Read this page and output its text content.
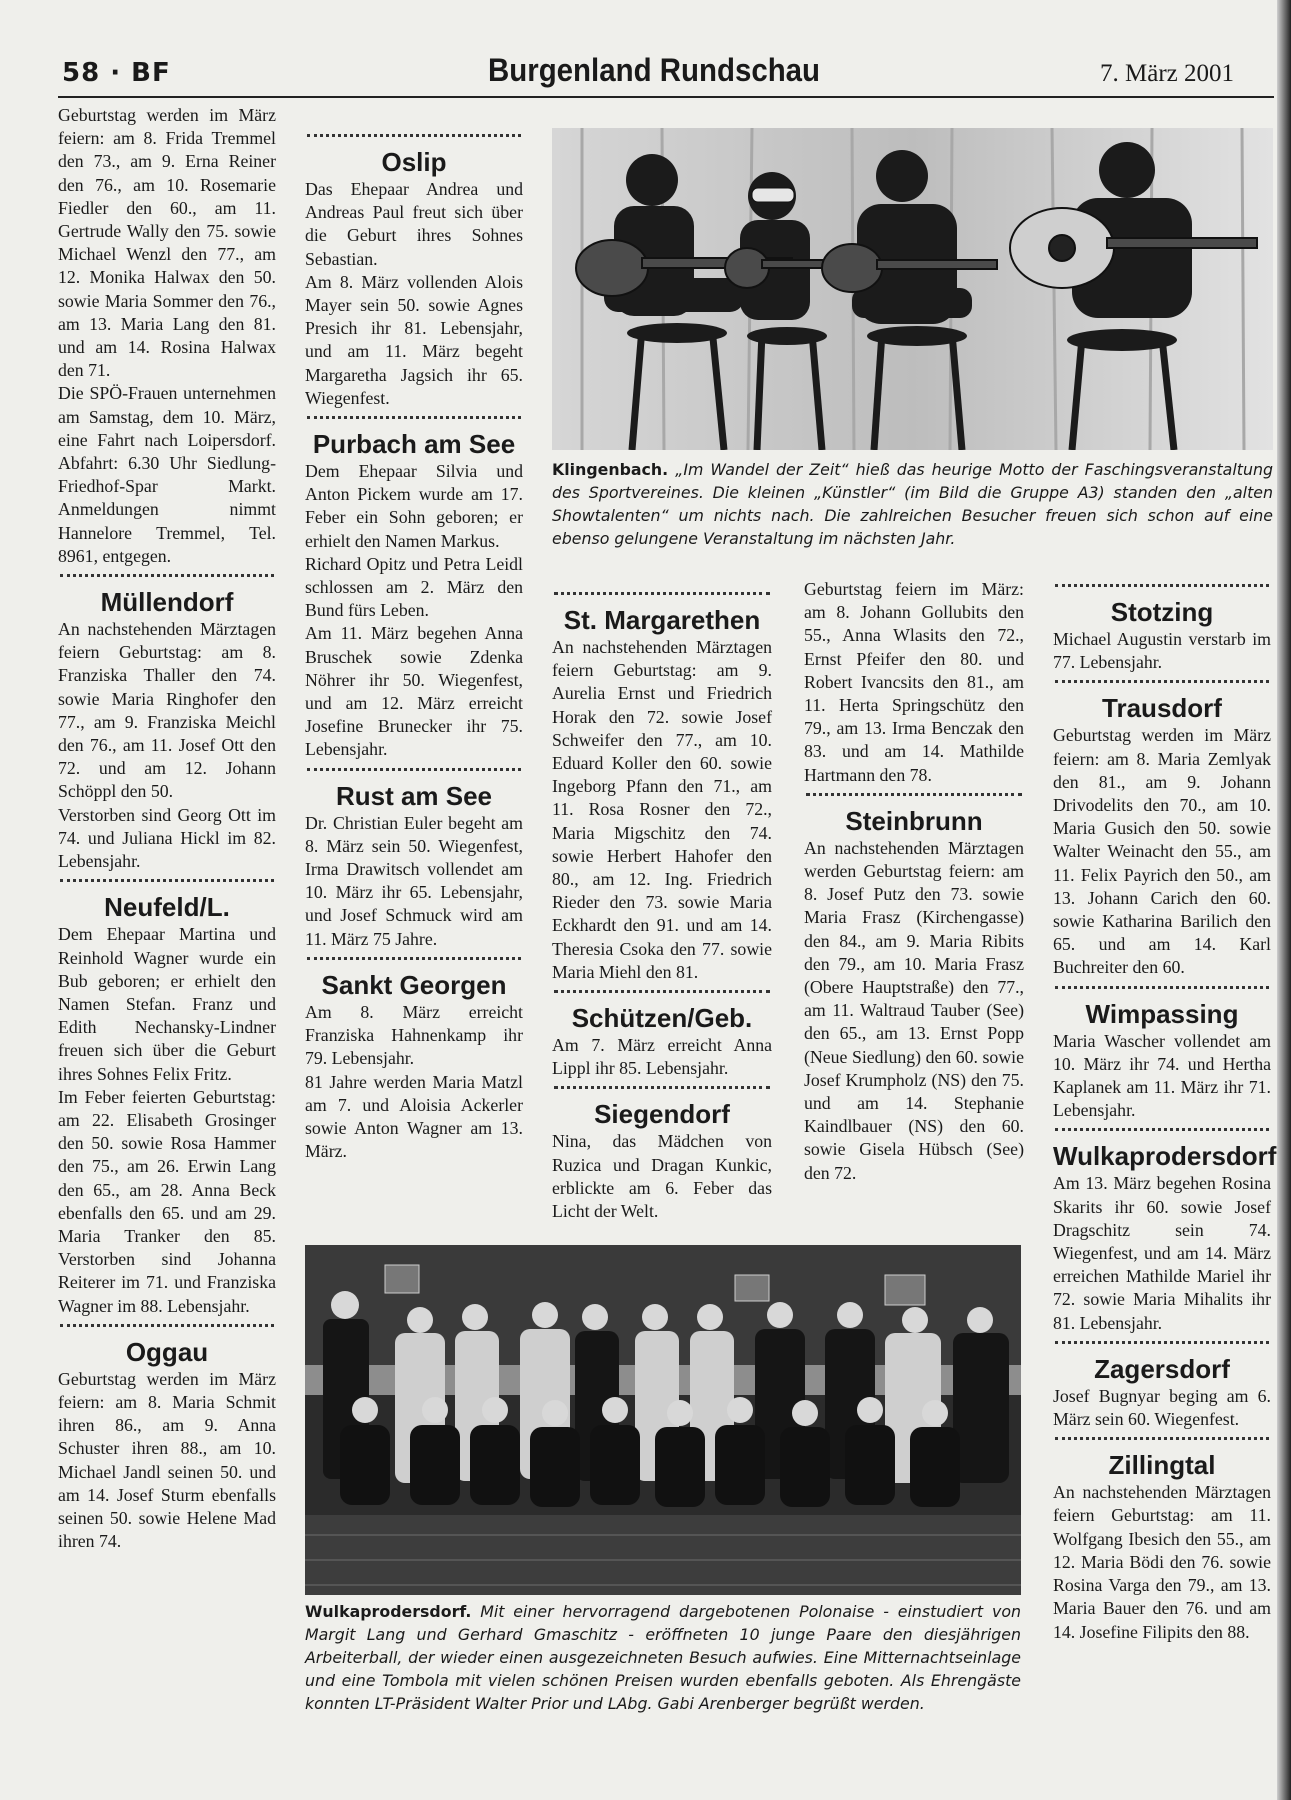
58 · BF	Burgenland Rundschau	7. März 2001

Geburtstag werden im März feiern: am 8. Frida Tremmel den 73., am 9. Erna Reiner den 76., am 10. Rosemarie Fiedler den 60., am 11. Gertrude Wally den 75. sowie Michael Wenzl den 77., am 12. Monika Halwax den 50. sowie Maria Sommer den 76., am 13. Maria Lang den 81. und am 14. Rosina Halwax den 71.

Die SPÖ-Frauen unternehmen am Samstag, dem 10. März, eine Fahrt nach Loipersdorf. Abfahrt: 6.30 Uhr Siedlung-Friedhof-Spar Markt. Anmeldungen nimmt Hannelore Tremmel, Tel. 8961, entgegen.

Müllendorf

An nachstehenden Märztagen feiern Geburtstag: am 8. Franziska Thaller den 74. sowie Maria Ringhofer den 77., am 9. Franziska Meichl den 76., am 11. Josef Ott den 72. und am 12. Johann Schöppl den 50.

Verstorben sind Georg Ott im 74. und Juliana Hickl im 82. Lebensjahr.

Neufeld/L.

Dem Ehepaar Martina und Reinhold Wagner wurde ein Bub geboren; er erhielt den Namen Stefan. Franz und Edith Nechansky-Lindner freuen sich über die Geburt ihres Sohnes Felix Fritz.

Im Feber feierten Geburtstag: am 22. Elisabeth Grosinger den 50. sowie Rosa Hammer den 75., am 26. Erwin Lang den 65., am 28. Anna Beck ebenfalls den 65. und am 29. Maria Tranker den 85. Verstorben sind Johanna Reiterer im 71. und Franziska Wagner im 88. Lebensjahr.

Oggau

Geburtstag werden im März feiern: am 8. Maria Schmit ihren 86., am 9. Anna Schuster ihren 88., am 10. Michael Jandl seinen 50. und am 14. Josef Sturm ebenfalls seinen 50. sowie Helene Mad ihren 74.

Oslip

Das Ehepaar Andrea und Andreas Paul freut sich über die Geburt ihres Sohnes Sebastian.

Am 8. März vollenden Alois Mayer sein 50. sowie Agnes Presich ihr 81. Lebensjahr, und am 11. März begeht Margaretha Jagsich ihr 65. Wiegenfest.

Purbach am See

Dem Ehepaar Silvia und Anton Pickem wurde am 17. Feber ein Sohn geboren; er erhielt den Namen Markus.

Richard Opitz und Petra Leidl schlossen am 2. März den Bund fürs Leben.

Am 11. März begehen Anna Bruschek sowie Zdenka Nöhrer ihr 50. Wiegenfest, und am 12. März erreicht Josefine Brunecker ihr 75. Lebensjahr.

Rust am See

Dr. Christian Euler begeht am 8. März sein 50. Wiegenfest, Irma Drawitsch vollendet am 10. März ihr 65. Lebensjahr, und Josef Schmuck wird am 11. März 75 Jahre.

Sankt Georgen

Am 8. März erreicht Franziska Hahnenkamp ihr 79. Lebensjahr.

81 Jahre werden Maria Matzl am 7. und Aloisia Ackerler sowie Anton Wagner am 13. März.

St. Margarethen

An nachstehenden Märztagen feiern Geburtstag: am 9. Aurelia Ernst und Friedrich Horak den 72. sowie Josef Schweifer den 77., am 10. Eduard Koller den 60. sowie Ingeborg Pfann den 71., am 11. Rosa Rosner den 72., Maria Migschitz den 74. sowie Herbert Hahofer den 80., am 12. Ing. Friedrich Rieder den 73. sowie Maria Eckhardt den 91. und am 14. Theresia Csoka den 77. sowie Maria Miehl den 81.

Schützen/Geb.

Am 7. März erreicht Anna Lippl ihr 85. Lebensjahr.

Siegendorf

Nina, das Mädchen von Ruzica und Dragan Kunkic, erblickte am 6. Feber das Licht der Welt.

Geburtstag feiern im März: am 8. Johann Gollubits den 55., Anna Wlasits den 72., Ernst Pfeifer den 80. und Robert Ivancsits den 81., am 11. Herta Springschütz den 79., am 13. Irma Benczak den 83. und am 14. Mathilde Hartmann den 78.

Steinbrunn

An nachstehenden Märztagen werden Geburtstag feiern: am 8. Josef Putz den 73. sowie Maria Frasz (Kirchengasse) den 84., am 9. Maria Ribits den 79., am 10. Maria Frasz (Obere Hauptstraße) den 77., am 11. Waltraud Tauber (See) den 65., am 13. Ernst Popp (Neue Siedlung) den 60. sowie Josef Krumpholz (NS) den 75. und am 14. Stephanie Kaindlbauer (NS) den 60. sowie Gisela Hübsch (See) den 72.

Stotzing

Michael Augustin verstarb im 77. Lebensjahr.

Trausdorf

Geburtstag werden im März feiern: am 8. Maria Zemlyak den 81., am 9. Johann Drivodelits den 70., am 10. Maria Gusich den 50. sowie Walter Weinacht den 55., am 11. Felix Payrich den 50., am 13. Johann Carich den 60. sowie Katharina Barilich den 65. und am 14. Karl Buchreiter den 60.

Wimpassing

Maria Wascher vollendet am 10. März ihr 74. und Hertha Kaplanek am 11. März ihr 71. Lebensjahr.

Wulkaprodersdorf

Am 13. März begehen Rosina Skarits ihr 60. sowie Josef Dragschitz sein 74. Wiegenfest, und am 14. März erreichen Mathilde Mariel ihr 72. sowie Maria Mihalits ihr 81. Lebensjahr.

Zagersdorf

Josef Bugnyar beging am 6. März sein 60. Wiegenfest.

Zillingtal

An nachstehenden Märztagen feiern Geburtstag: am 11. Wolfgang Ibesich den 55., am 12. Maria Bödi den 76. sowie Rosina Varga den 79., am 13. Maria Bauer den 76. und am 14. Josefine Filipits den 88.

Klingenbach. „Im Wandel der Zeit“ hieß das heurige Motto der Faschingsveranstaltung des Sportvereines. Die kleinen „Künstler“ (im Bild die Gruppe A3) standen den „alten Showtalenten“ um nichts nach. Die zahlreichen Besucher freuen sich schon auf eine ebenso gelungene Veranstaltung im nächsten Jahr.
Wulkaprodersdorf. Mit einer hervorragend dargebotenen Polonaise - einstudiert von Margit Lang und Gerhard Gmaschitz - eröffneten 10 junge Paare den diesjährigen Arbeiterball, der wieder einen ausgezeichneten Besuch aufwies. Eine Mitternachtseinlage und eine Tombola mit vielen schönen Preisen wurden ebenfalls geboten. Als Ehrengäste konnten LT-Präsident Walter Prior und LAbg. Gabi Arenberger begrüßt werden.
